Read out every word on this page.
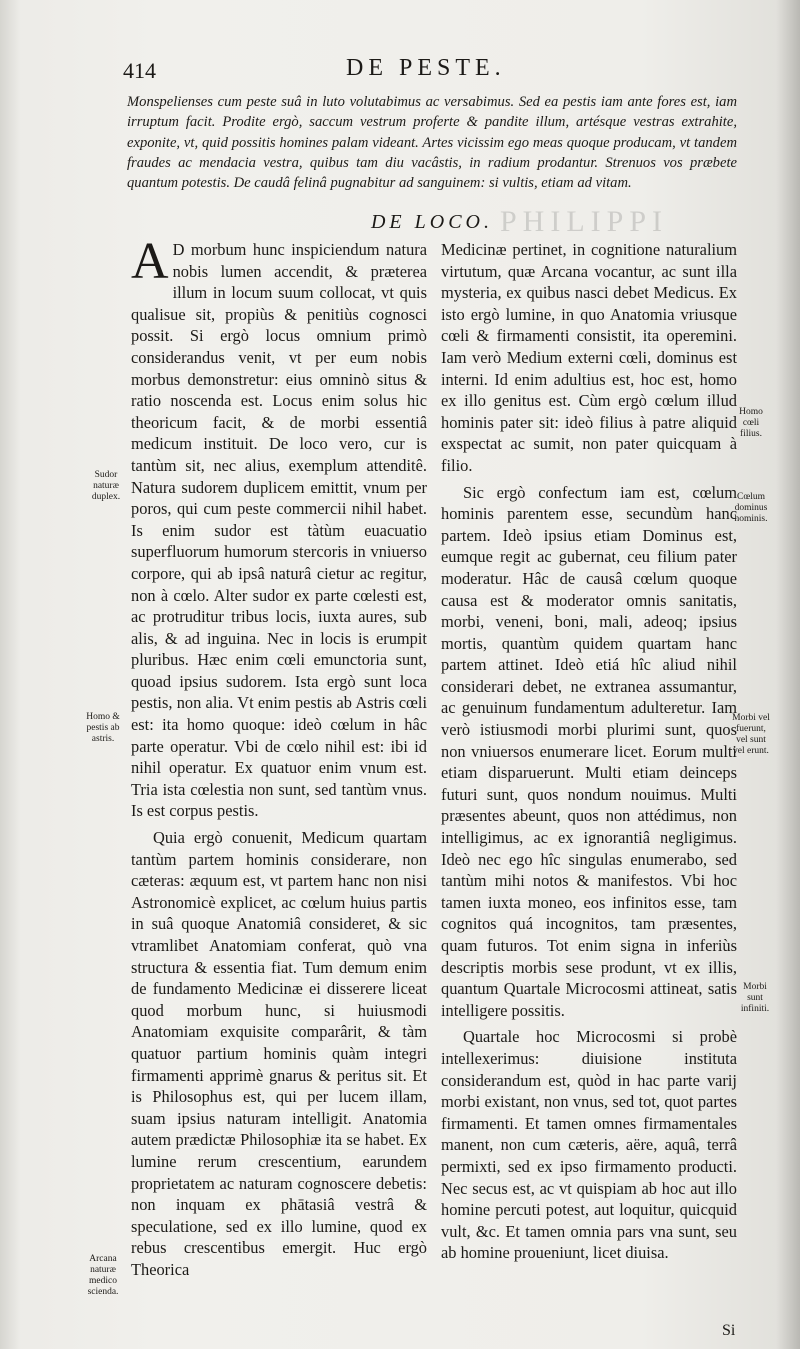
PHILIPPI
414	DE PESTE.
Monspelienses cum peste suâ in luto volutabimus ac versabimus. Sed ea pestis iam ante fores est, iam irruptum facit. Prodite ergò, saccum vestrum proferte & pandite illum, artésque vestras extrahite, exponite, vt, quid possitis homines palam videant. Artes vicissim ego meas quoque producam, vt tandem fraudes ac mendacia vestra, quibus tam diu vacâstis, in radium prodantur. Strenuos vos præbete quantum potestis. De caudâ felinâ pugnabitur ad sanguinem: si vultis, etiam ad vitam.
DE LOCO.

A D morbum hunc inspiciendum natura nobis lumen accendit, & præterea illum in locum suum collocat, vt quis qualisue sit, propiùs & penitiùs cognosci possit. Si ergò locus omnium primò considerandus venit, vt per eum nobis morbus demonstretur: eius omninò situs & ratio noscenda est. Locus enim solus hic theoricum facit, & de morbi essentiâ medicum instituit. De loco vero, cur is tantùm sit, nec alius, exemplum attenditê. Natura sudorem duplicem emittit, vnum per poros, qui cum peste commercii nihil habet. Is enim sudor est tàtùm euacuatio superfluorum humorum stercoris in vniuerso corpore, qui ab ipsâ naturâ cietur ac regitur, non à cœlo. Alter sudor ex parte cœlesti est, ac protruditur tribus locis, iuxta aures, sub alis, & ad inguina. Nec in locis is erumpit pluribus. Hæc enim cœli emunctoria sunt, quoad ipsius sudorem. Ista ergò sunt loca pestis, non alia. Vt enim pestis ab Astris cœli est: ita homo quoque: ideò cœlum in hâc parte operatur. Vbi de cœlo nihil est: ibi id nihil operatur. Ex quatuor enim vnum est. Tria ista cœlestia non sunt, sed tantùm vnus. Is est corpus pestis.

Quia ergò conuenit, Medicum quartam tantùm partem hominis considerare, non cæteras: æquum est, vt partem hanc non nisi Astronomicè explicet, ac cœlum huius partis in suâ quoque Anatomiâ consideret, & sic vtramlibet Anatomiam conferat, quò vna structura & essentia fiat. Tum demum enim de fundamento Medicinæ ei disserere liceat quod morbum hunc, si huiusmodi Anatomiam exquisite comparârit, & tàm quatuor partium hominis quàm integri firmamenti apprimè gnarus & peritus sit. Et is Philosophus est, qui per lucem illam, suam ipsius naturam intelligit. Anatomia autem prædictæ Philosophiæ ita se habet. Ex lumine rerum crescentium, earundem proprietatem ac naturam cognoscere debetis: non inquam ex phātasiâ vestrâ & speculatione, sed ex illo lumine, quod ex rebus crescentibus emergit. Huc ergò Theorica

Medicinæ pertinet, in cognitione naturalium virtutum, quæ Arcana vocantur, ac sunt illa mysteria, ex quibus nasci debet Medicus. Ex isto ergò lumine, in quo Anatomia vriusque cœli & firmamenti consistit, ita operemini. Iam verò Medium externi cœli, dominus est interni. Id enim adultius est, hoc est, homo ex illo genitus est. Cùm ergò cœlum illud hominis pater sit: ideò filius à patre aliquid exspectat ac sumit, non pater quicquam à filio.

Sic ergò confectum iam est, cœlum hominis parentem esse, secundùm hanc partem. Ideò ipsius etiam Dominus est, eumque regit ac gubernat, ceu filium pater moderatur. Hâc de causâ cœlum quoque causa est & moderator omnis sanitatis, morbi, veneni, boni, mali, adeoq; ipsius mortis, quantùm quidem quartam hanc partem attinet. Ideò etiá hîc aliud nihil considerari debet, ne extranea assumantur, ac genuinum fundamentum adulteretur. Iam verò istiusmodi morbi plurimi sunt, quos non vniuersos enumerare licet. Eorum multi etiam disparuerunt. Multi etiam deinceps futuri sunt, quos nondum nouimus. Multi præsentes abeunt, quos non attédimus, non intelligimus, ac ex ignorantiâ negligimus. Ideò nec ego hîc singulas enumerabo, sed tantùm mihi notos & manifestos. Vbi hoc tamen iuxta moneo, eos infinitos esse, tam cognitos quá incognitos, tam præsentes, quam futuros. Tot enim signa in inferiùs descriptis morbis sese produnt, vt ex illis, quantum Quartale Microcosmi attineat, satis intelligere possitis.

Quartale hoc Microcosmi si probè intellexerimus: diuisione instituta considerandum est, quòd in hac parte varij morbi existant, non vnus, sed tot, quot partes firmamenti. Et tamen omnes firmamentales manent, non cum cæteris, aëre, aquâ, terrâ permixti, sed ex ipso firmamento producti. Nec secus est, ac vt quispiam ab hoc aut illo homine percuti potest, aut loquitur, quicquid vult, &c. Et tamen omnia pars vna sunt, seu ab homine proueniunt, licet diuisa.

Sudor naturæ duplex.
Homo & pestis ab astris.
Arcana naturæ medico scienda.
Homo cœli filius.
Cœlum dominus hominis.
Morbi vel fuerunt, vel sunt vel erunt.
Morbi sunt infiniti.
Si
